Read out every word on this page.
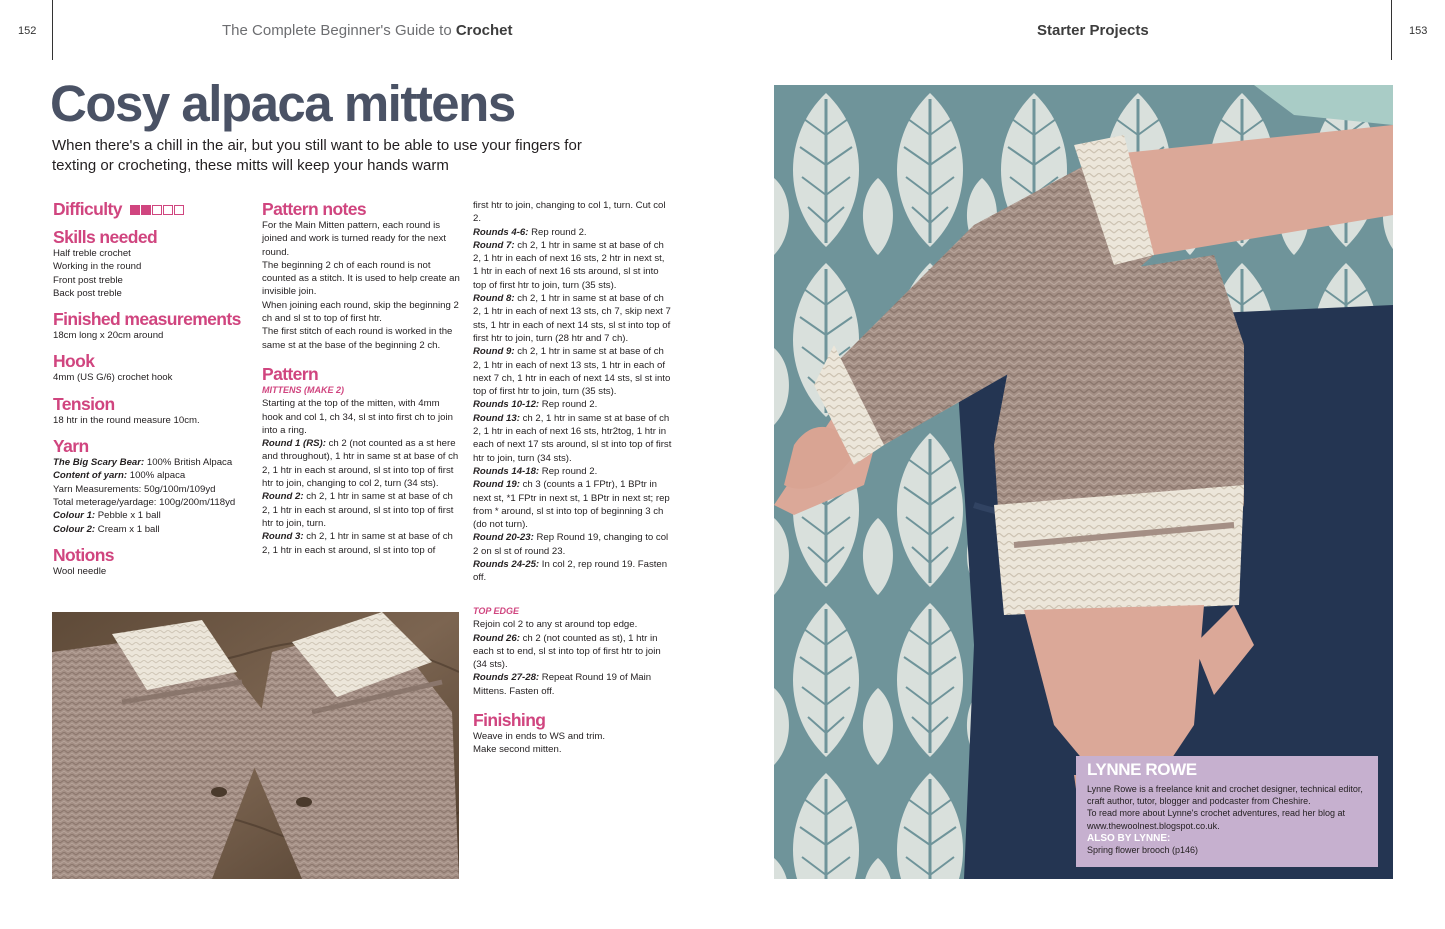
152	The Complete Beginner's Guide to Crochet	Starter Projects	153
Cosy alpaca mittens
When there's a chill in the air, but you still want to be able to use your fingers for texting or crocheting, these mitts will keep your hands warm

Difficulty

Skills needed

Half treble crochet

Working in the round

Front post treble

Back post treble

Finished measurements

18cm long x 20cm around

Hook

4mm (US G/6) crochet hook

Tension

18 htr in the round measure 10cm.

Yarn

The Big Scary Bear: 100% British Alpaca

Content of yarn: 100% alpaca

Yarn Measurements: 50g/100m/109yd

Total meterage/yardage: 100g/200m/118yd

Colour 1: Pebble x 1 ball

Colour 2: Cream x 1 ball

Notions

Wool needle

Pattern notes

For the Main Mitten pattern, each round is joined and work is turned ready for the next round.

The beginning 2 ch of each round is not counted as a stitch. It is used to help create an invisible join.

When joining each round, skip the beginning 2 ch and sl st to top of first htr.

The first stitch of each round is worked in the same st at the base of the beginning 2 ch.

Pattern

MITTENS (MAKE 2)

Starting at the top of the mitten, with 4mm hook and col 1, ch 34, sl st into first ch to join into a ring.

Round 1 (RS): ch 2 (not counted as a st here and throughout), 1 htr in same st at base of ch 2, 1 htr in each st around, sl st into top of first htr to join, changing to col 2, turn (34 sts).

Round 2: ch 2, 1 htr in same st at base of ch 2, 1 htr in each st around, sl st into top of first htr to join, turn.

Round 3: ch 2, 1 htr in same st at base of ch 2, 1 htr in each st around, sl st into top of

first htr to join, changing to col 1, turn. Cut col 2.

Rounds 4-6: Rep round 2.

Round 7: ch 2, 1 htr in same st at base of ch 2, 1 htr in each of next 16 sts, 2 htr in next st, 1 htr in each of next 16 sts around, sl st into top of first htr to join, turn (35 sts).

Round 8: ch 2, 1 htr in same st at base of ch 2, 1 htr in each of next 13 sts, ch 7, skip next 7 sts, 1 htr in each of next 14 sts, sl st into top of first htr to join, turn (28 htr and 7 ch).

Round 9: ch 2, 1 htr in same st at base of ch 2, 1 htr in each of next 13 sts, 1 htr in each of next 7 ch, 1 htr in each of next 14 sts, sl st into top of first htr to join, turn (35 sts).

Rounds 10-12: Rep round 2.

Round 13: ch 2, 1 htr in same st at base of ch 2, 1 htr in each of next 16 sts, htr2tog, 1 htr in each of next 17 sts around, sl st into top of first htr to join, turn (34 sts).

Rounds 14-18: Rep round 2.

Round 19: ch 3 (counts a 1 FPtr), 1 BPtr in next st, *1 FPtr in next st, 1 BPtr in next st; rep from * around, sl st into top of beginning 3 ch (do not turn).

Round 20-23: Rep Round 19, changing to col 2 on sl st of round 23.

Rounds 24-25: In col 2, rep round 19. Fasten off.

TOP EDGE

Rejoin col 2 to any st around top edge.

Round 26: ch 2 (not counted as st), 1 htr in each st to end, sl st into top of first htr to join (34 sts).

Rounds 27-28: Repeat Round 19 of Main Mittens. Fasten off.

Finishing

Weave in ends to WS and trim.

Make second mitten.

LYNNE ROWE

Lynne Rowe is a freelance knit and crochet designer, technical editor, craft author, tutor, blogger and podcaster from Cheshire.
To read more about Lynne's crochet adventures, read her blog at www.thewoolnest.blogspot.co.uk.
ALSO BY LYNNE:
Spring flower brooch (p146)
